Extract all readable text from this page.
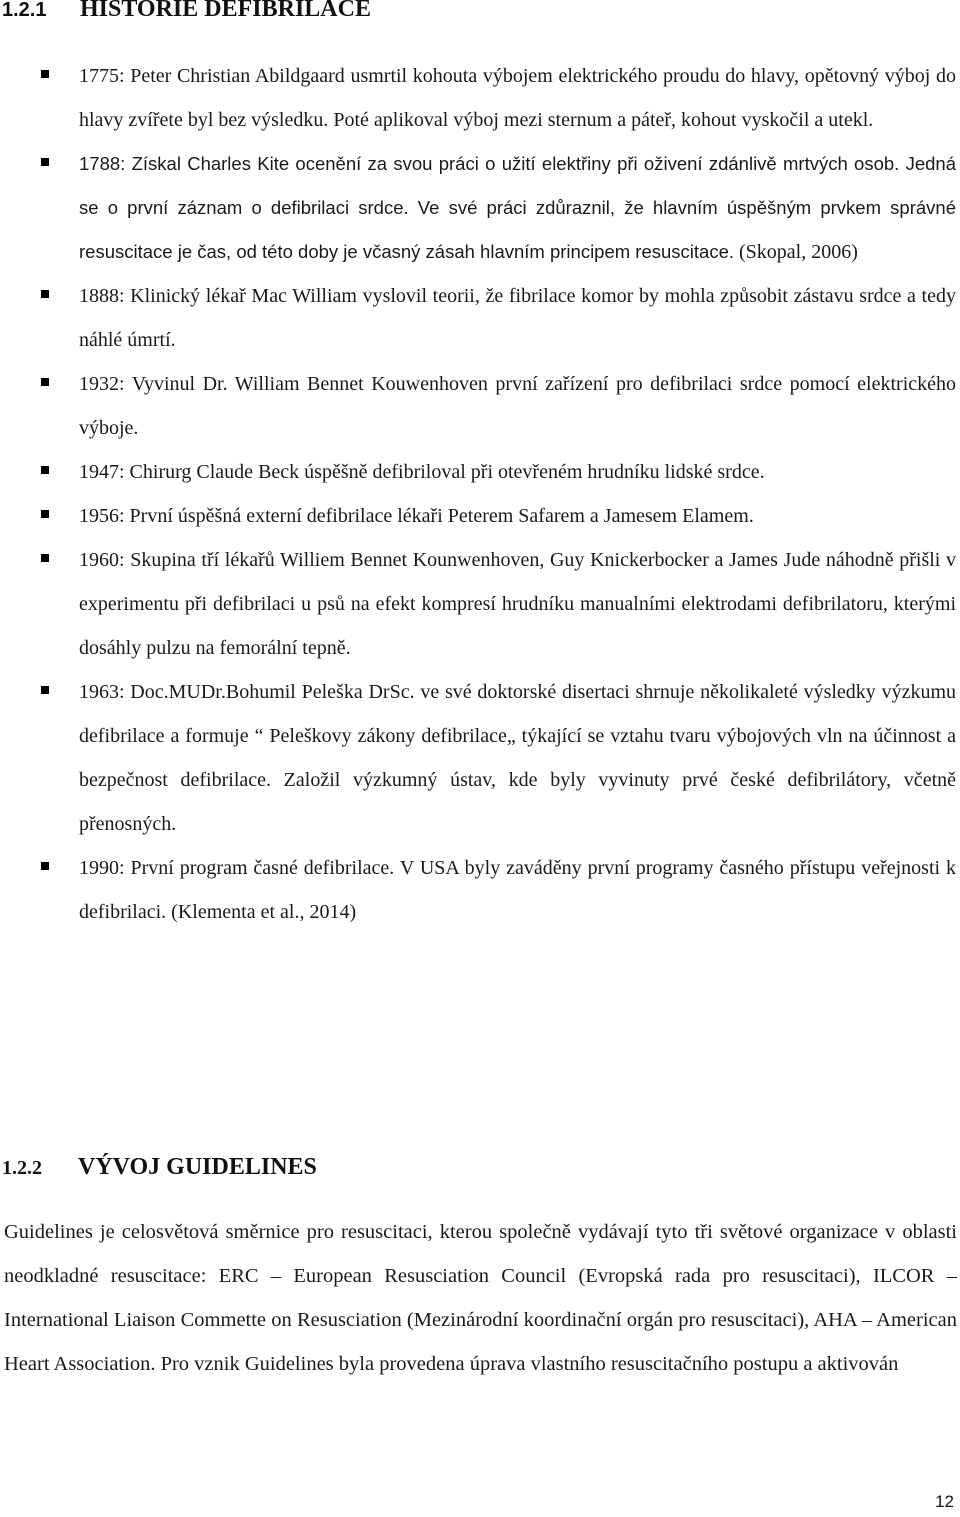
1.2.1 HISTORIE DEFIBRILACE
1775: Peter Christian Abildgaard usmrtil kohouta výbojem elektrického proudu do hlavy, opětovný výboj do hlavy zvířete byl bez výsledku. Poté aplikoval výboj mezi sternum a páteř, kohout vyskočil a utekl.
1788: Získal Charles Kite ocenění za svou práci o užití elektřiny při oživení zdánlivě mrtvých osob. Jedná se o první záznam o defibrilaci srdce. Ve své práci zdůraznil, že hlavním úspěšným prvkem správné resuscitace je čas, od této doby je včasný zásah hlavním principem resuscitace. (Skopal, 2006)
1888: Klinický lékař Mac William vyslovil teorii, že fibrilace komor by mohla způsobit zástavu srdce a tedy náhlé úmrtí.
1932: Vyvinul Dr. William Bennet Kouwenhoven první zařízení pro defibrilaci srdce pomocí elektrického výboje.
1947: Chirurg Claude Beck úspěšně defibriloval při otevřeném hrudníku lidské srdce.
1956: První úspěšná externí defibrilace lékaři Peterem Safarem a Jamesem Elamem.
1960: Skupina tří lékařů Williem Bennet Kounwenhoven, Guy Knickerbocker a James Jude náhodně přišli v experimentu při defibrilaci u psů na efekt kompresí hrudníku manualními elektrodami defibrilatoru, kterými dosáhly pulzu na femorální tepně.
1963: Doc.MUDr.Bohumil Peleška DrSc. ve své doktorské disertaci shrnuje několikaleté výsledky výzkumu defibrilace a formuje “ Peleškovy zákony defibrilace„ týkající se vztahu tvaru výbojových vln na účinnost a bezpečnost defibrilace. Založil výzkumný ústav, kde byly vyvinuty prvé české defibrilátory, včetně přenosných.
1990: První program časné defibrilace. V USA byly zaváděny první programy časného přístupu veřejnosti k defibrilaci. (Klementa et al., 2014)
1.2.2 VÝVOJ GUIDELINES

Guidelines je celosvětová směrnice pro resuscitaci, kterou společně vydávají tyto tři světové organizace v oblasti neodkladné resuscitace: ERC – European Resusciation Council (Evropská rada pro resuscitaci), ILCOR – International Liaison Commette on Resusciation (Mezinárodní koordinační orgán pro resuscitaci), AHA – American Heart Association. Pro vznik Guidelines byla provedena úprava vlastního resuscitačního postupu a aktivován

12
